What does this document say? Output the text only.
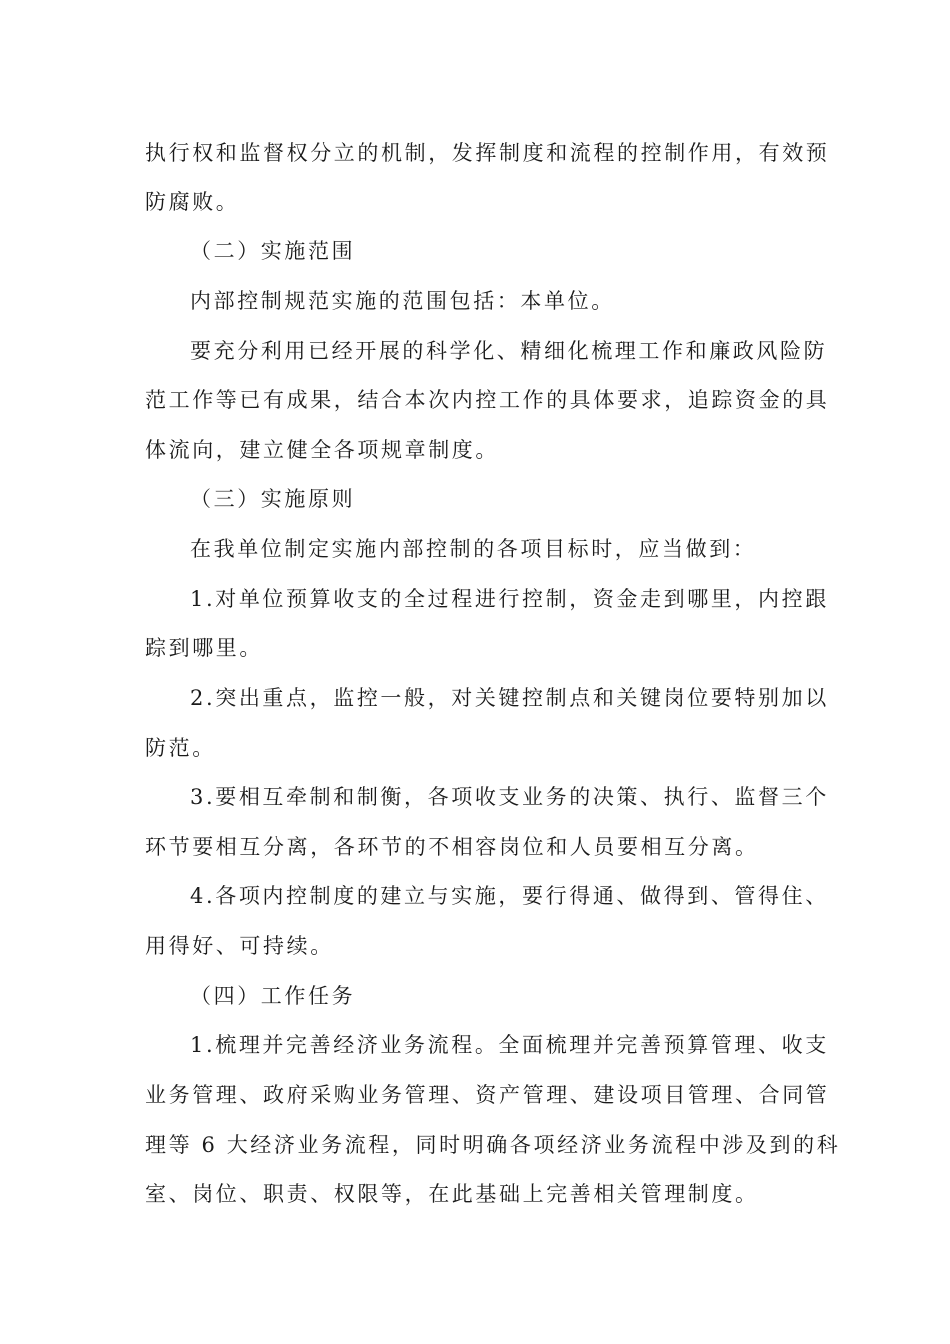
执行权和监督权分立的机制，发挥制度和流程的控制作用，有效预
防腐败。
（二）实施范围
内部控制规范实施的范围包括：本单位。
要充分利用已经开展的科学化、精细化梳理工作和廉政风险防
范工作等已有成果，结合本次内控工作的具体要求，追踪资金的具
体流向，建立健全各项规章制度。
（三）实施原则
在我单位制定实施内部控制的各项目标时，应当做到：
1.对单位预算收支的全过程进行控制，资金走到哪里，内控跟
踪到哪里。
2.突出重点，监控一般，对关键控制点和关键岗位要特别加以
防范。
3.要相互牵制和制衡，各项收支业务的决策、执行、监督三个
环节要相互分离，各环节的不相容岗位和人员要相互分离。
4.各项内控制度的建立与实施，要行得通、做得到、管得住、
用得好、可持续。
（四）工作任务
1.梳理并完善经济业务流程。全面梳理并完善预算管理、收支
业务管理、政府采购业务管理、资产管理、建设项目管理、合同管
理等 6 大经济业务流程，同时明确各项经济业务流程中涉及到的科
室、岗位、职责、权限等，在此基础上完善相关管理制度。
